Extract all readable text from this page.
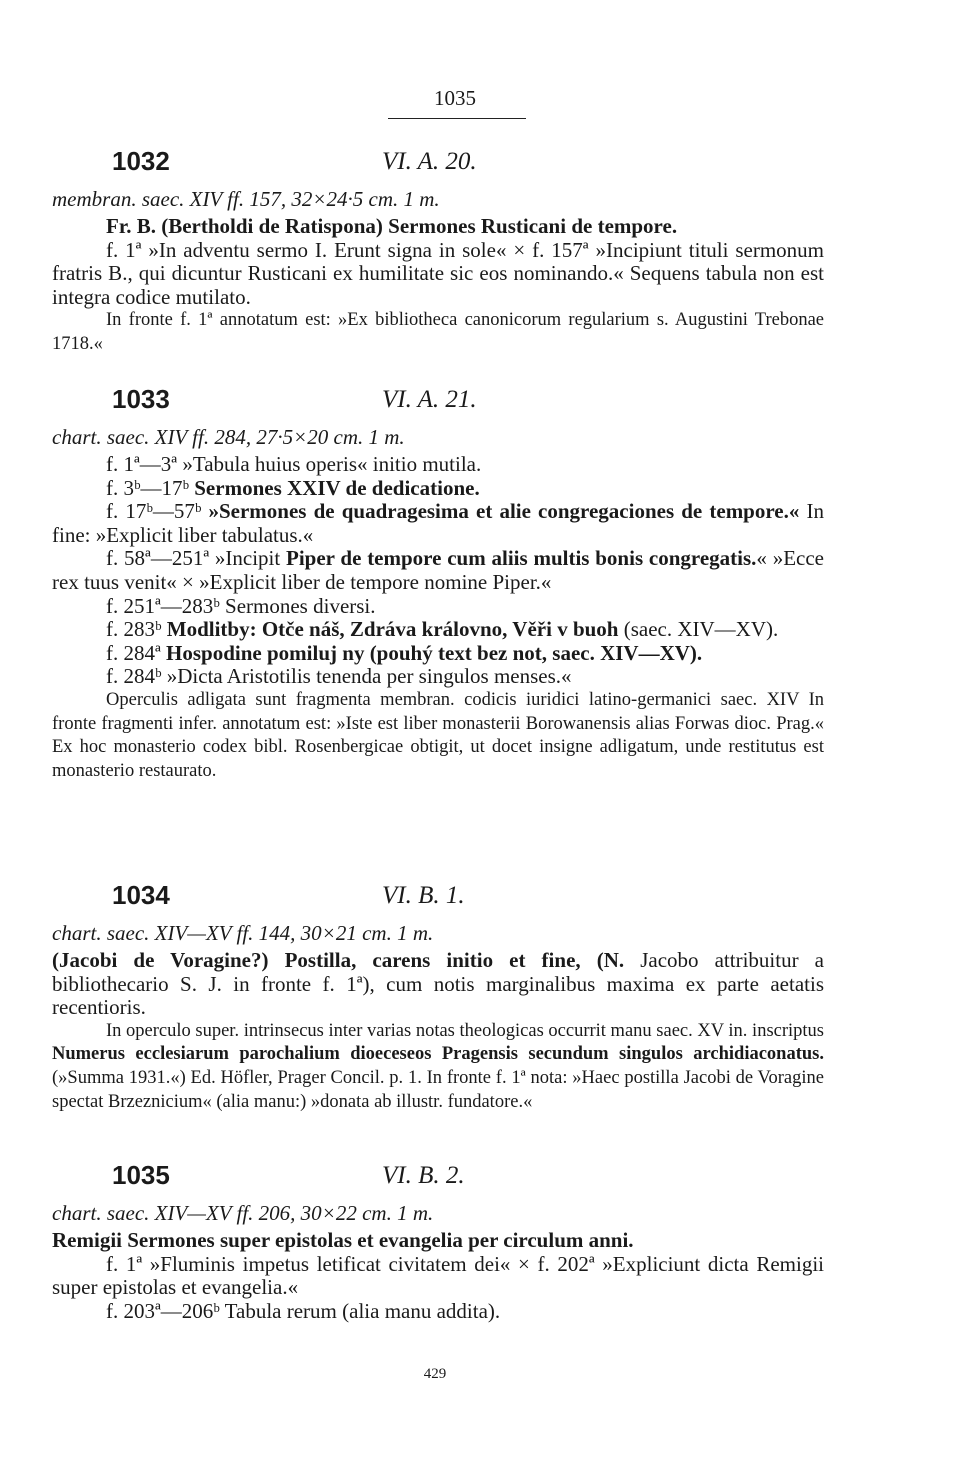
1035
1032	VI. A. 20.
membran. saec. XIV ff. 157, 32×24·5 cm. 1 m.

Fr. B. (Bertholdi de Ratispona) Sermones Rusticani de tempore.

f. 1ª »In adventu sermo I. Erunt signa in sole« × f. 157ª »Incipiunt tituli sermonum fratris B., qui dicuntur Rusticani ex humilitate sic eos nominando.« Sequens tabula non est integra codice mutilato.

In fronte f. 1ª annotatum est: »Ex bibliotheca canonicorum regularium s. Augustini Trebonae 1718.«

1033	VI. A. 21.
chart. saec. XIV ff. 284, 27·5×20 cm. 1 m.

f. 1ª—3ª »Tabula huius operis« initio mutila.

f. 3ᵇ—17ᵇ Sermones XXIV de dedicatione.

f. 17ᵇ—57ᵇ »Sermones de quadragesima et alie congregaciones de tempore.« In fine: »Explicit liber tabulatus.«

f. 58ª—251ª »Incipit Piper de tempore cum aliis multis bonis congregatis.« »Ecce rex tuus venit« × »Explicit liber de tempore nomine Piper.«

f. 251ª—283ᵇ Sermones diversi.

f. 283ᵇ Modlitby: Otče náš, Zdráva královno, Věři v buoh (saec. XIV—XV).

f. 284ª Hospodine pomiluj ny (pouhý text bez not, saec. XIV—XV).

f. 284ᵇ »Dicta Aristotilis tenenda per singulos menses.«

Operculis adligata sunt fragmenta membran. codicis iuridici latino-germanici saec. XIV In fronte fragmenti infer. annotatum est: »Iste est liber monasterii Borowanensis alias Forwas dioc. Prag.« Ex hoc monasterio codex bibl. Rosenbergicae obtigit, ut docet insigne adligatum, unde restitutus est monasterio restaurato.

1034	VI. B. 1.
chart. saec. XIV—XV ff. 144, 30×21 cm. 1 m.

(Jacobi de Voragine?) Postilla, carens initio et fine, (N. Jacobo attribuitur a bibliothecario S. J. in fronte f. 1ª), cum notis marginalibus maxima ex parte aetatis recentioris.

In operculo super. intrinsecus inter varias notas theologicas occurrit manu saec. XV in. inscriptus Numerus ecclesiarum parochalium dioeceseos Pragensis secundum singulos archidiaconatus. (»Summa 1931.«) Ed. Höfler, Prager Concil. p. 1. In fronte f. 1ª nota: »Haec postilla Jacobi de Voragine spectat Brzeznicium« (alia manu:) »donata ab illustr. fundatore.«

1035	VI. B. 2.
chart. saec. XIV—XV ff. 206, 30×22 cm. 1 m.

Remigii Sermones super epistolas et evangelia per circulum anni.

f. 1ª »Fluminis impetus letificat civitatem dei« × f. 202ª »Expliciunt dicta Remigii super epistolas et evangelia.«

f. 203ª—206ᵇ Tabula rerum (alia manu addita).

429
